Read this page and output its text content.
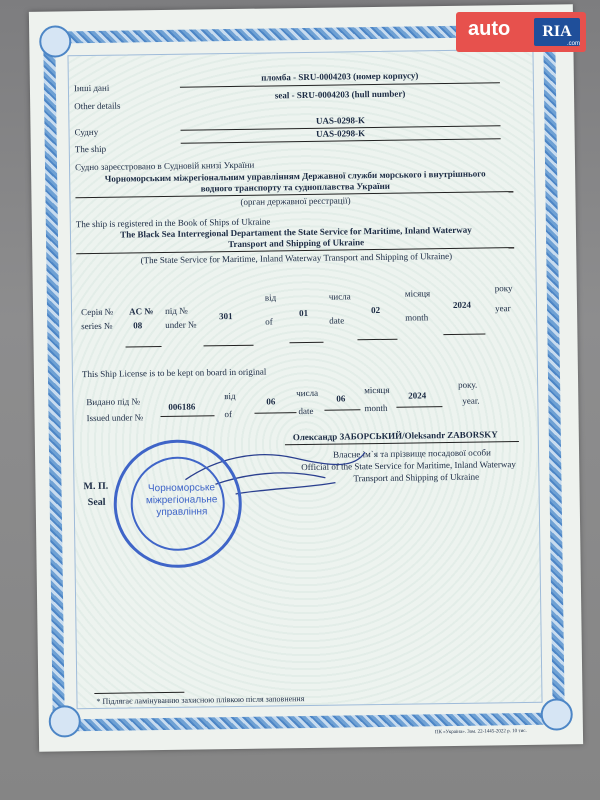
Інші дані
пломба - SRU-0004203 (номер корпусу)
Other details
seal - SRU-0004203 (hull number)
Судну
UAS-0298-K
UAS-0298-K
The ship
Судно зареєстровано в Судновій книзі України
Чорноморським міжрегіональним управлінням Державної служби морського і внутрішнього
водного транспорту та судноплавства України
(орган державної реєстрації)
The ship is registered in the Book of Ships of Ukraine
The Black Sea Interregional Departament the State Service for Maritime, Inland Waterway
Transport and Shipping of Ukraine
(The State Service for Maritime, Inland Waterway Transport and Shipping of Ukraine)
Серія №
series №
AC №
08
під №
under №
301
від
of
01
числа
date
02
місяця
month
2024
року
year
This Ship License is to be kept on board in original
Видано під №
Issued under №
006186
від
of
06
числа
date
06
місяця
month
2024
року.
year.
Олександр ЗАБОРСЬКИЙ/Oleksandr ZABORSKY
Власне ім`я та прізвище посадової особи
Official of the State Service for Maritime, Inland Waterway
Transport and Shipping of Ukraine
М. П.
Seal
Чорноморське міжрегіональне управління
* Підлягає ламінуванню захисною плівкою після заповнення
ПК «Україна». Зам. 22-1445-2022 р. 10 тис.
auto	RIA
.com
